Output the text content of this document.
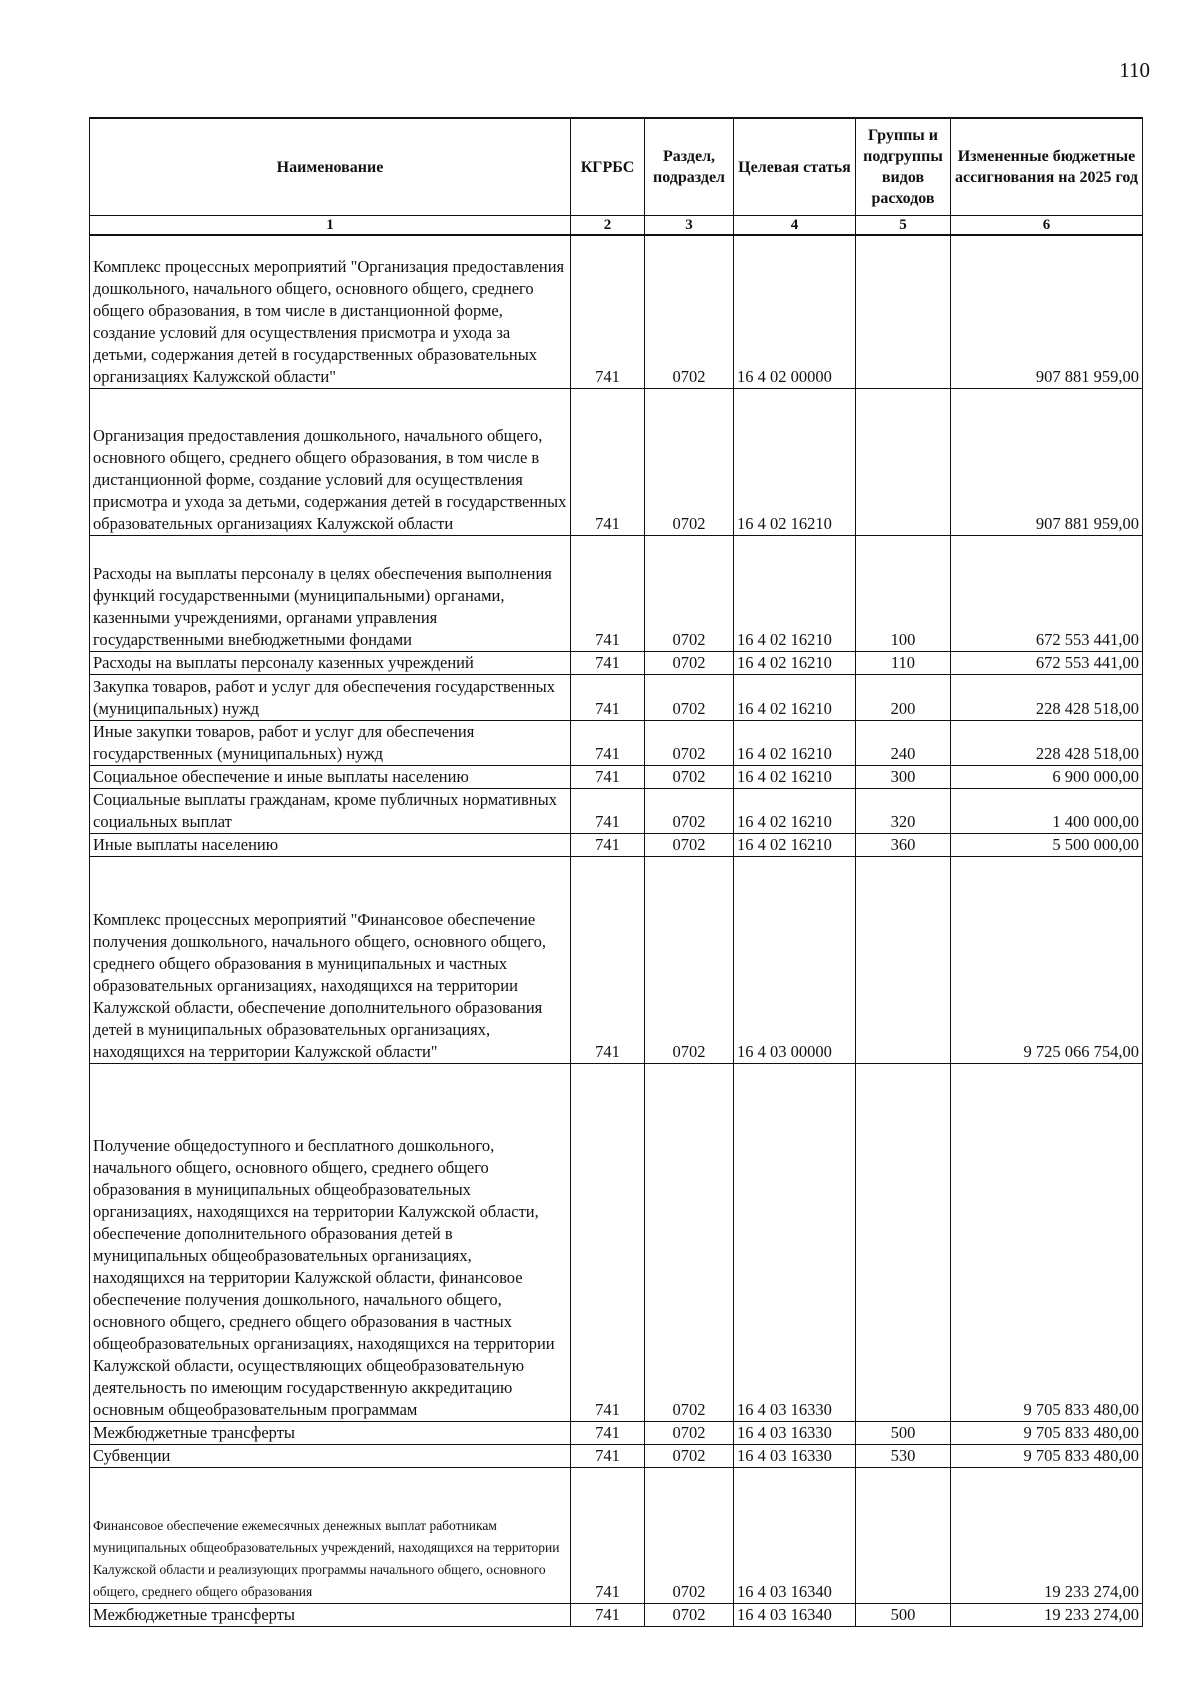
110
Наименование	КГРБС	Раздел, подраздел	Целевая статья	Группы и подгруппы видов расходов	Измененные бюджетные ассигнования на 2025 год
1	2	3	4	5	6
Комплекс процессных мероприятий "Организация предоставления дошкольного, начального общего, основного общего, среднего общего образования, в том числе в дистанционной форме, создание условий для осуществления присмотра и ухода за детьми, содержания детей в государственных образовательных организациях Калужской области"	741	0702	16 4 02 00000		907 881 959,00
Организация предоставления дошкольного, начального общего, основного общего, среднего общего образования, в том числе в дистанционной форме, создание условий для осуществления присмотра и ухода за детьми, содержания детей в государственных образовательных организациях Калужской области	741	0702	16 4 02 16210		907 881 959,00
Расходы на выплаты персоналу в целях обеспечения выполнения функций государственными (муниципальными) органами, казенными учреждениями, органами управления государственными внебюджетными фондами	741	0702	16 4 02 16210	100	672 553 441,00
Расходы на выплаты персоналу казенных учреждений	741	0702	16 4 02 16210	110	672 553 441,00
Закупка товаров, работ и услуг для обеспечения государственных (муниципальных) нужд	741	0702	16 4 02 16210	200	228 428 518,00
Иные закупки товаров, работ и услуг для обеспечения государственных (муниципальных) нужд	741	0702	16 4 02 16210	240	228 428 518,00
Социальное обеспечение и иные выплаты населению	741	0702	16 4 02 16210	300	6 900 000,00
Социальные выплаты гражданам, кроме публичных нормативных социальных выплат	741	0702	16 4 02 16210	320	1 400 000,00
Иные выплаты населению	741	0702	16 4 02 16210	360	5 500 000,00
Комплекс процессных мероприятий "Финансовое обеспечение получения дошкольного, начального общего, основного общего, среднего общего образования в муниципальных и частных образовательных организациях, находящихся на территории Калужской области, обеспечение дополнительного образования детей в муниципальных образовательных организациях, находящихся на территории Калужской области"	741	0702	16 4 03 00000		9 725 066 754,00
Получение общедоступного и бесплатного дошкольного, начального общего, основного общего, среднего общего образования в муниципальных общеобразовательных организациях, находящихся на территории Калужской области, обеспечение дополнительного образования детей в муниципальных общеобразовательных организациях, находящихся на территории Калужской области, финансовое обеспечение получения дошкольного, начального общего, основного общего, среднего общего образования в частных общеобразовательных организациях, находящихся на территории Калужской области, осуществляющих общеобразовательную деятельность по имеющим государственную аккредитацию основным общеобразовательным программам	741	0702	16 4 03 16330		9 705 833 480,00
Межбюджетные трансферты	741	0702	16 4 03 16330	500	9 705 833 480,00
Субвенции	741	0702	16 4 03 16330	530	9 705 833 480,00
Финансовое обеспечение ежемесячных денежных выплат работникам муниципальных общеобразовательных учреждений, находящихся на территории Калужской области и реализующих программы начального общего, основного общего, среднего общего образования	741	0702	16 4 03 16340		19 233 274,00
Межбюджетные трансферты	741	0702	16 4 03 16340	500	19 233 274,00
